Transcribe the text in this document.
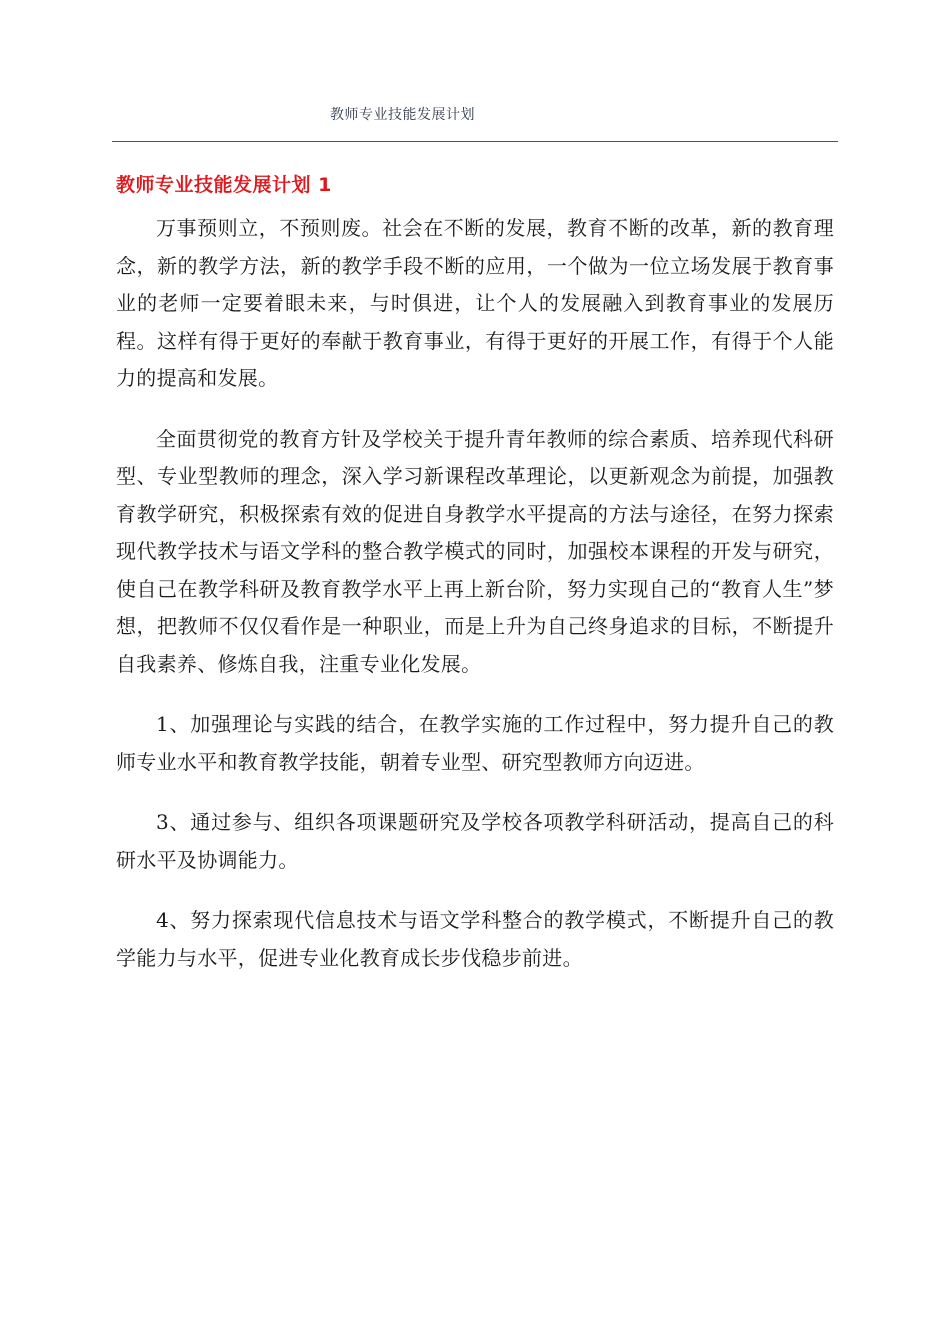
教师专业技能发展计划
教师专业技能发展计划 1

万事预则立，不预则废。社会在不断的发展，教育不断的改革，新的教育理念，新的教学方法，新的教学手段不断的应用，一个做为一位立场发展于教育事业的老师一定要着眼未来，与时俱进，让个人的发展融入到教育事业的发展历程。这样有得于更好的奉献于教育事业，有得于更好的开展工作，有得于个人能力的提高和发展。

全面贯彻党的教育方针及学校关于提升青年教师的综合素质、培养现代科研型、专业型教师的理念，深入学习新课程改革理论，以更新观念为前提，加强教育教学研究，积极探索有效的促进自身教学水平提高的方法与途径，在努力探索现代教学技术与语文学科的整合教学模式的同时，加强校本课程的开发与研究，使自己在教学科研及教育教学水平上再上新台阶，努力实现自己的“教育人生”梦想，把教师不仅仅看作是一种职业，而是上升为自己终身追求的目标，不断提升自我素养、修炼自我，注重专业化发展。

1、加强理论与实践的结合，在教学实施的工作过程中，努力提升自己的教师专业水平和教育教学技能，朝着专业型、研究型教师方向迈进。

3、通过参与、组织各项课题研究及学校各项教学科研活动，提高自己的科研水平及协调能力。

4、努力探索现代信息技术与语文学科整合的教学模式，不断提升自己的教学能力与水平，促进专业化教育成长步伐稳步前进。
